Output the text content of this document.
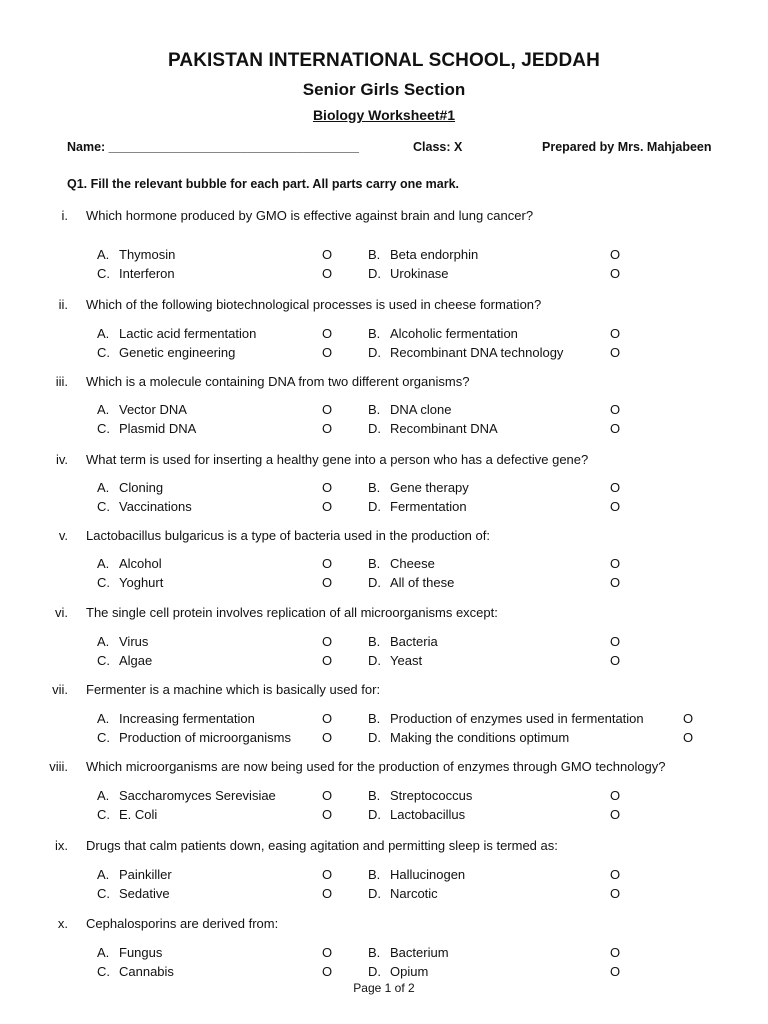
PAKISTAN INTERNATIONAL SCHOOL, JEDDAH
Senior Girls Section
Biology Worksheet#1
Name: ____________________________________	Class: X	Prepared by Mrs. Mahjabeen
Q1. Fill the relevant bubble for each part. All parts carry one mark.
i. Which hormone produced by GMO is effective against brain and lung cancer?
A. Thymosin	O	B. Beta endorphin	O
C. Interferon	O	D. Urokinase	O
ii. Which of the following biotechnological processes is used in cheese formation?
A. Lactic acid fermentation	O	B. Alcoholic fermentation	O
C. Genetic engineering	O	D. Recombinant DNA technology	O
iii. Which is a molecule containing DNA from two different organisms?
A. Vector DNA	O	B. DNA clone	O
C. Plasmid DNA	O	D. Recombinant DNA	O
iv. What term is used for inserting a healthy gene into a person who has a defective gene?
A. Cloning	O	B. Gene therapy	O
C. Vaccinations	O	D. Fermentation	O
v. Lactobacillus bulgaricus is a type of bacteria used in the production of:
A. Alcohol	O	B. Cheese	O
C. Yoghurt	O	D. All of these	O
vi. The single cell protein involves replication of all microorganisms except:
A. Virus	O	B. Bacteria	O
C. Algae	O	D. Yeast	O
vii. Fermenter is a machine which is basically used for:
A. Increasing fermentation	O	B. Production of enzymes used in fermentation	O
C. Production of microorganisms O	D. Making the conditions optimum	O
viii. Which microorganisms are now being used for the production of enzymes through GMO technology?
A. Saccharomyces Serevisiae	O	B. Streptococcus	O
C. E. Coli	O	D. Lactobacillus	O
ix. Drugs that calm patients down, easing agitation and permitting sleep is termed as:
A. Painkiller	O	B. Hallucinogen	O
C. Sedative	O	D. Narcotic	O
x. Cephalosporins are derived from:
A. Fungus	O	B. Bacterium	O
C. Cannabis	O	D. Opium	O
Page 1 of 2
